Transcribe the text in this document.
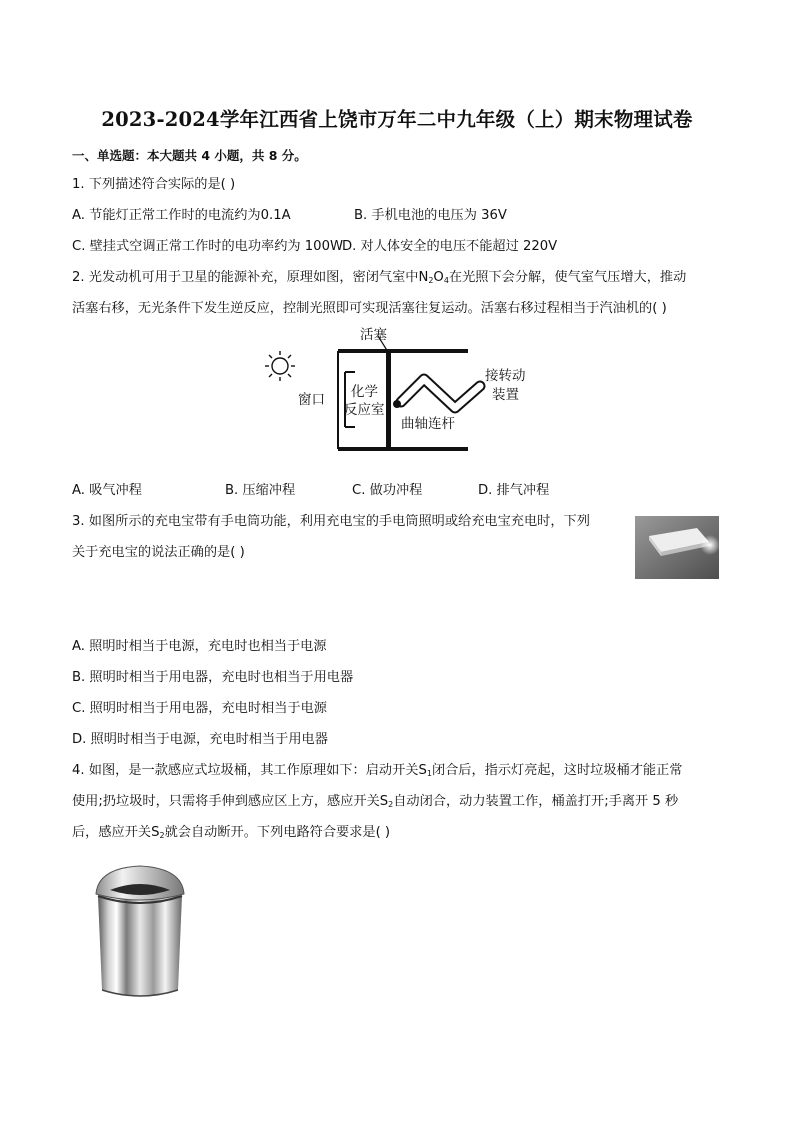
2023-2024学年江西省上饶市万年二中九年级（上）期末物理试卷
一、单选题：本大题共 4 小题，共 8 分。
1. 下列描述符合实际的是( )
A. 节能灯正常工作时的电流约为0.1A	B. 手机电池的电压为 36V
C. 壁挂式空调正常工作时的电功率约为 100W D. 对人体安全的电压不能超过 220V
2. 光发动机可用于卫星的能源补充，原理如图，密闭气室中$N_2O_4$在光照下会分解，使气室气压增大，推动
活塞右移，无光条件下发生逆反应，控制光照即可实现活塞往复运动。活塞右移过程相当于汽油机的( )
活塞
窗口 化学
反应室
曲轴连杆
接转动
装置
A. 吸气冲程	B. 压缩冲程	C. 做功冲程	D. 排气冲程
3. 如图所示的充电宝带有手电筒功能，利用充电宝的手电筒照明或给充电宝充电时，下列
关于充电宝的说法正确的是( )
A. 照明时相当于电源，充电时也相当于电源
B. 照明时相当于用电器，充电时也相当于用电器
C. 照明时相当于用电器，充电时相当于电源
D. 照明时相当于电源，充电时相当于用电器
4. 如图，是一款感应式垃圾桶，其工作原理如下：启动开关$S_1$闭合后，指示灯亮起，这时垃圾桶才能正常
使用;扔垃圾时，只需将手伸到感应区上方，感应开关$S_2$自动闭合，动力装置工作，桶盖打开;手离开 5 秒
后，感应开关$S_2$就会自动断开。下列电路符合要求是( )
